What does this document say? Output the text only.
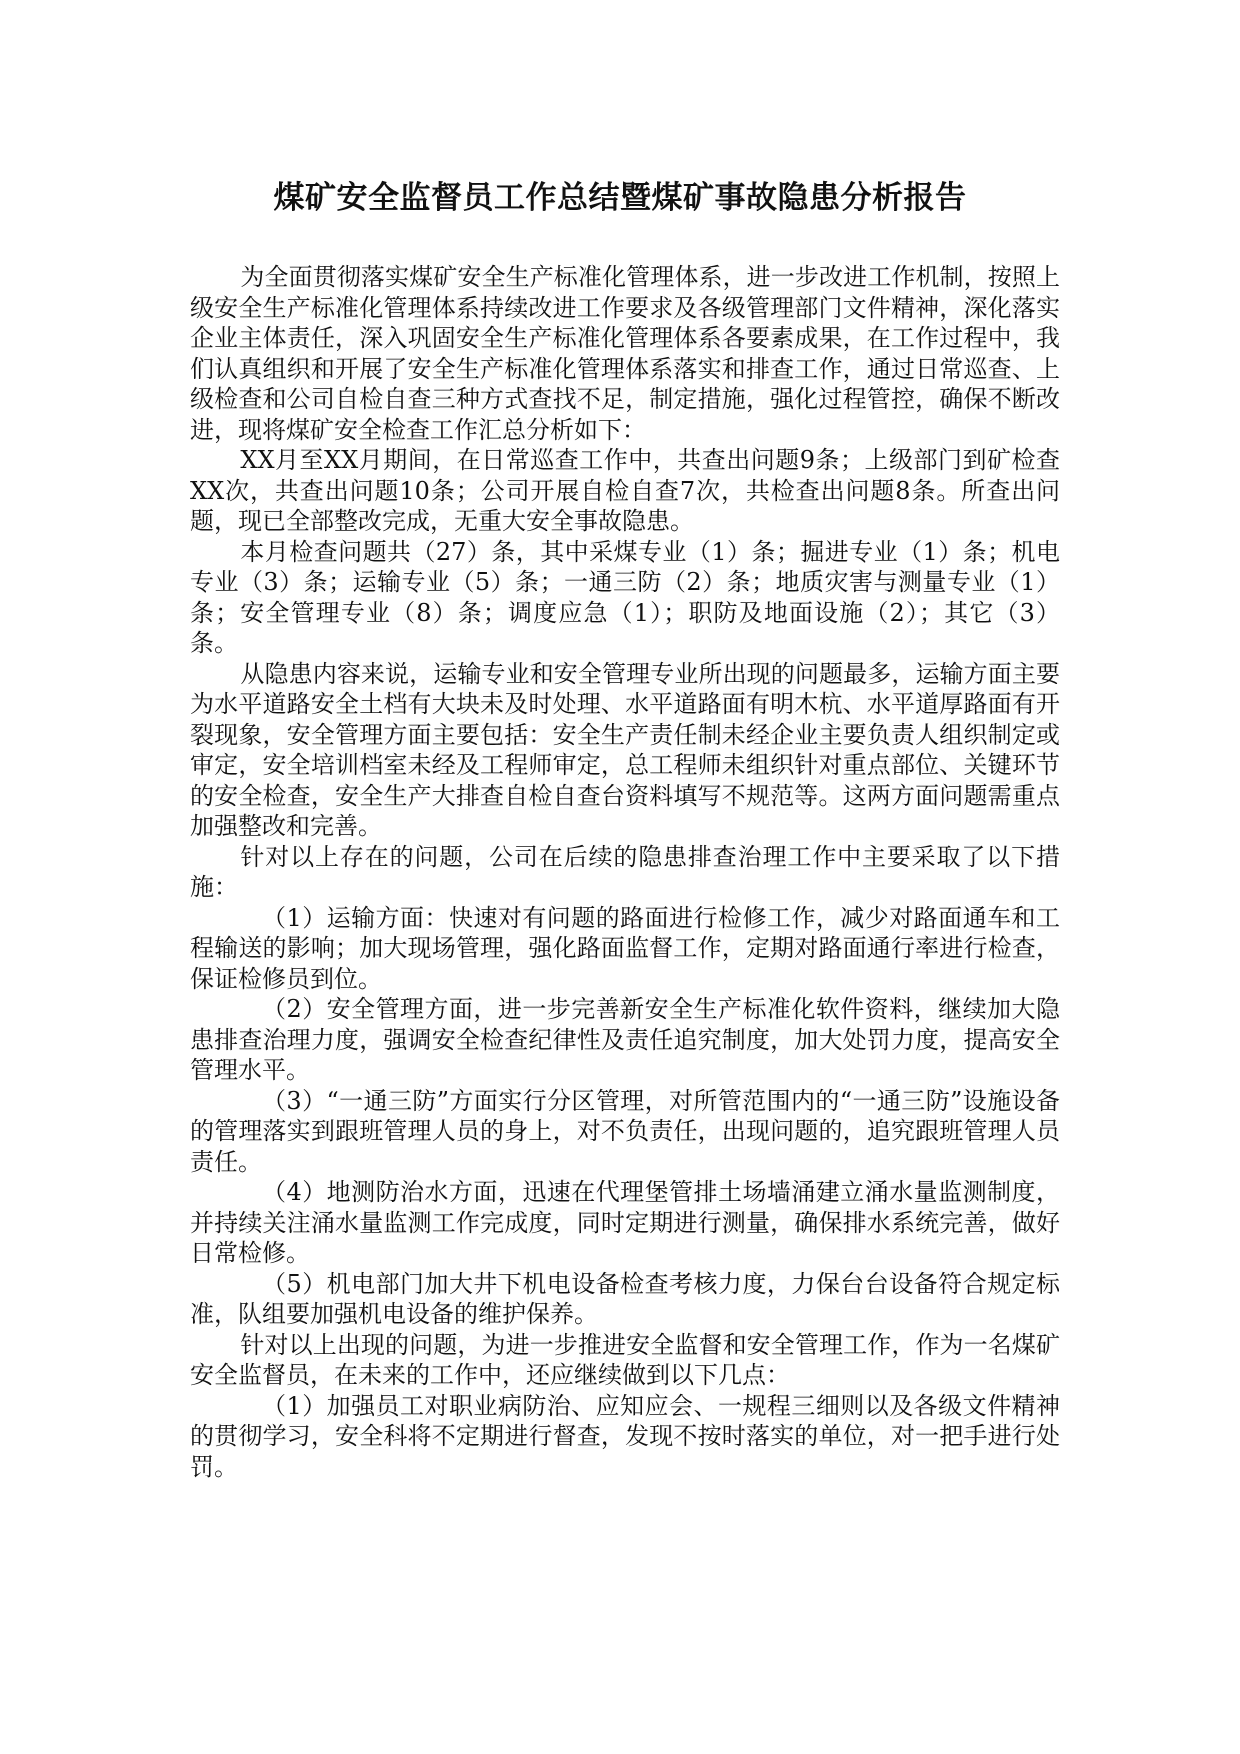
煤矿安全监督员工作总结暨煤矿事故隐患分析报告

为全面贯彻落实煤矿安全生产标准化管理体系，进一步改进工作机制，按照上级安全生产标准化管理体系持续改进工作要求及各级管理部门文件精神，深化落实企业主体责任，深入巩固安全生产标准化管理体系各要素成果，在工作过程中，我们认真组织和开展了安全生产标准化管理体系落实和排查工作，通过日常巡查、上级检查和公司自检自查三种方式查找不足，制定措施，强化过程管控，确保不断改进，现将煤矿安全检查工作汇总分析如下：

XX月至XX月期间，在日常巡查工作中，共查出问题9条；上级部门到矿检查XX次，共查出问题10条；公司开展自检自查7次，共检查出问题8条。所查出问题，现已全部整改完成，无重大安全事故隐患。

本月检查问题共（27）条，其中采煤专业（1）条；掘进专业（1）条；机电专业（3）条；运输专业（5）条；一通三防（2）条；地质灾害与测量专业（1）条；安全管理专业（8）条；调度应急（1）；职防及地面设施（2）；其它（3）条。

从隐患内容来说，运输专业和安全管理专业所出现的问题最多，运输方面主要为水平道路安全土档有大块未及时处理、水平道路面有明木杭、水平道厚路面有开裂现象，安全管理方面主要包括：安全生产责任制未经企业主要负责人组织制定或审定，安全培训档室未经及工程师审定，总工程师未组织针对重点部位、关键环节的安全检查，安全生产大排查自检自查台资料填写不规范等。这两方面问题需重点加强整改和完善。

针对以上存在的问题，公司在后续的隐患排查治理工作中主要采取了以下措施：

（1）运输方面：快速对有问题的路面进行检修工作，减少对路面通车和工程输送的影响；加大现场管理，强化路面监督工作，定期对路面通行率进行检查，保证检修员到位。

（2）安全管理方面，进一步完善新安全生产标准化软件资料，继续加大隐患排查治理力度，强调安全检查纪律性及责任追究制度，加大处罚力度，提高安全管理水平。

（3）“一通三防”方面实行分区管理，对所管范围内的“一通三防”设施设备的管理落实到跟班管理人员的身上，对不负责任，出现问题的，追究跟班管理人员责任。

（4）地测防治水方面，迅速在代理堡管排土场墙涌建立涌水量监测制度，并持续关注涌水量监测工作完成度，同时定期进行测量，确保排水系统完善，做好日常检修。

（5）机电部门加大井下机电设备检查考核力度，力保台台设备符合规定标准，队组要加强机电设备的维护保养。

针对以上出现的问题，为进一步推进安全监督和安全管理工作，作为一名煤矿安全监督员，在未来的工作中，还应继续做到以下几点：

（1）加强员工对职业病防治、应知应会、一规程三细则以及各级文件精神的贯彻学习，安全科将不定期进行督查，发现不按时落实的单位，对一把手进行处罚。
